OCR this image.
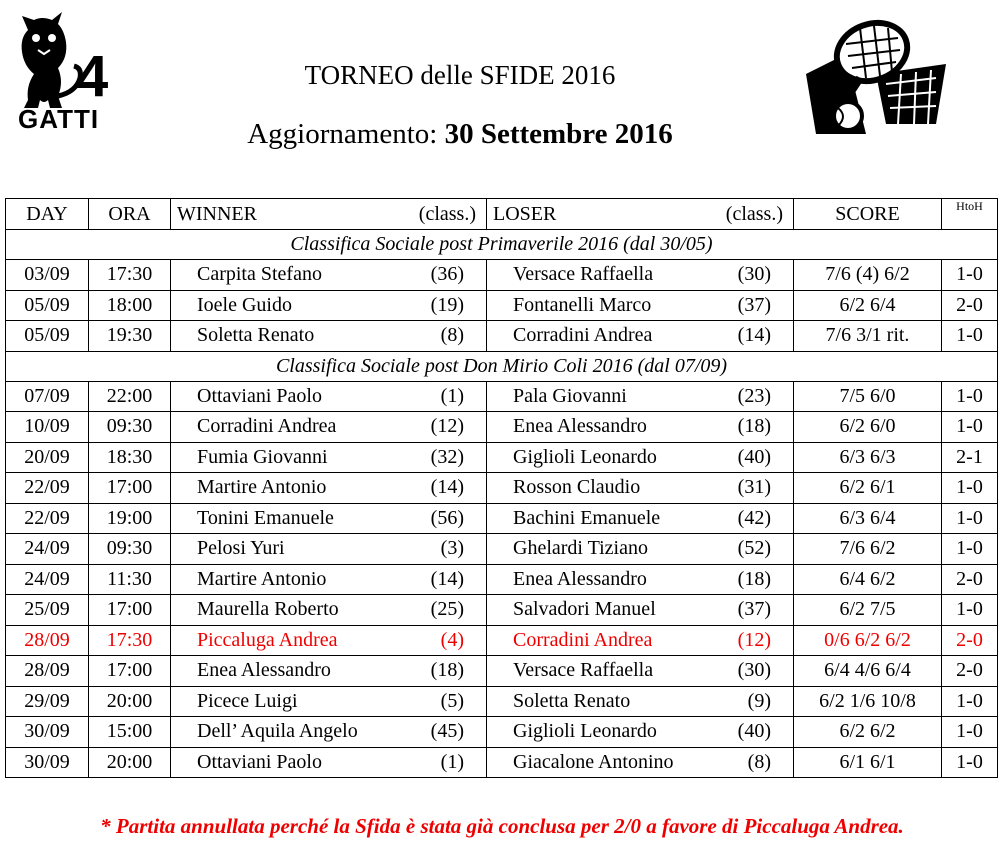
4
GATTI
TORNEO delle SFIDE 2016
Aggiornamento: 30 Settembre 2016
DAY	ORA	WINNER	(class.)	LOSER	(class.)	SCORE	HtoH
Classifica Sociale post Primaverile 2016 (dal 30/05)							
03/09	17:30	Carpita Stefano	(36)	Versace Raffaella	(30)	7/6 (4) 6/2	1-0
05/09	18:00	Ioele Guido	(19)	Fontanelli Marco	(37)	6/2 6/4	2-0
05/09	19:30	Soletta Renato	(8)	Corradini Andrea	(14)	7/6 3/1 rit.	1-0
Classifica Sociale post Don Mirio Coli 2016 (dal 07/09)							
07/09	22:00	Ottaviani Paolo	(1)	Pala Giovanni	(23)	7/5 6/0	1-0
10/09	09:30	Corradini Andrea	(12)	Enea Alessandro	(18)	6/2 6/0	1-0
20/09	18:30	Fumia Giovanni	(32)	Giglioli Leonardo	(40)	6/3 6/3	2-1
22/09	17:00	Martire Antonio	(14)	Rosson Claudio	(31)	6/2 6/1	1-0
22/09	19:00	Tonini Emanuele	(56)	Bachini Emanuele	(42)	6/3 6/4	1-0
24/09	09:30	Pelosi Yuri	(3)	Ghelardi Tiziano	(52)	7/6 6/2	1-0
24/09	11:30	Martire Antonio	(14)	Enea Alessandro	(18)	6/4 6/2	2-0
25/09	17:00	Maurella Roberto	(25)	Salvadori Manuel	(37)	6/2 7/5	1-0
28/09	17:30	Piccaluga Andrea	(4)	Corradini Andrea	(12)	0/6 6/2 6/2	2-0
28/09	17:00	Enea Alessandro	(18)	Versace Raffaella	(30)	6/4 4/6 6/4	2-0
29/09	20:00	Picece Luigi	(5)	Soletta Renato	(9)	6/2 1/6 10/8	1-0
30/09	15:00	Dell’ Aquila Angelo	(45)	Giglioli Leonardo	(40)	6/2 6/2	1-0
30/09	20:00	Ottaviani Paolo	(1)	Giacalone Antonino	(8)	6/1 6/1	1-0
* Partita annullata perché la Sfida è stata già conclusa per 2/0 a favore di Piccaluga Andrea.
